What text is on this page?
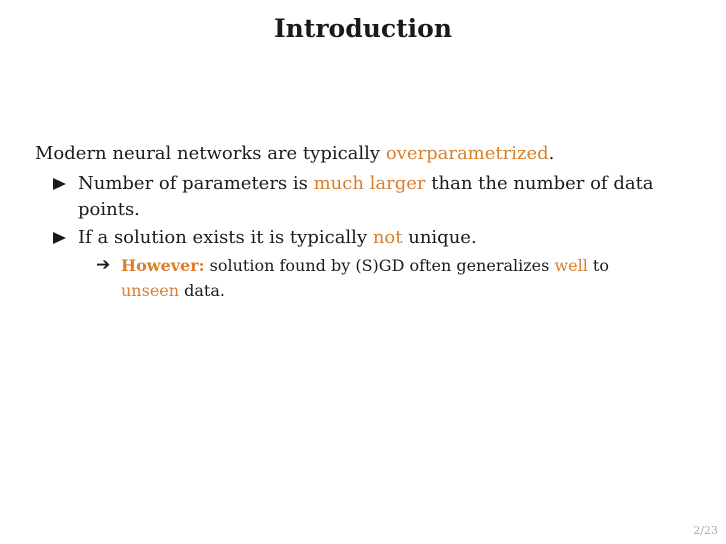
Introduction

Modern neural networks are typically overparametrized.

Number of parameters is much larger than the number of data points.
If a solution exists it is typically not unique.
➔ However: solution found by (S)GD often generalizes well to unseen data.
2/23
